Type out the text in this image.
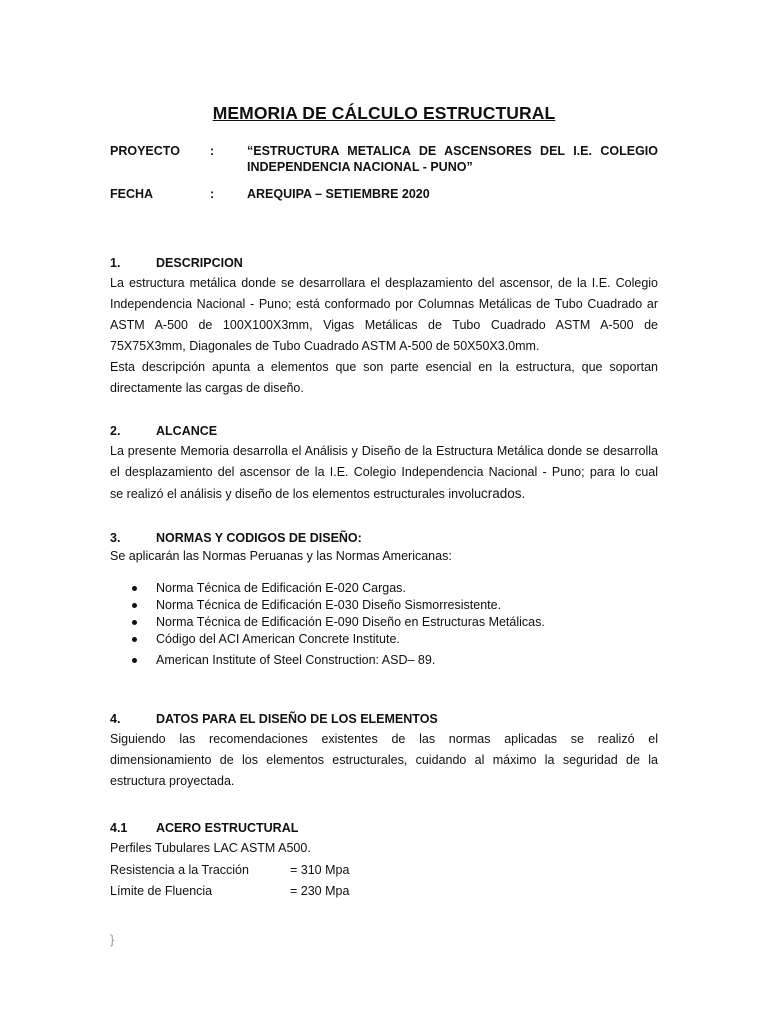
MEMORIA DE CÁLCULO ESTRUCTURAL
PROYECTO :	“ESTRUCTURA METALICA DE ASCENSORES DEL I.E. COLEGIO
INDEPENDENCIA NACIONAL - PUNO”
FECHA	:	AREQUIPA – SETIEMBRE 2020
1.	DESCRIPCION
La estructura metálica donde se desarrollara el desplazamiento del ascensor, de la I.E. Colegio
Independencia Nacional - Puno; está conformado por Columnas Metálicas de Tubo Cuadrado ar
ASTM A-500 de 100X100X3mm, Vigas Metálicas de Tubo Cuadrado ASTM A-500 de
75X75X3mm, Diagonales de Tubo Cuadrado ASTM A-500 de 50X50X3.0mm.
Esta descripción apunta a elementos que son parte esencial en la estructura, que soportan
directamente las cargas de diseño.
2.	ALCANCE
La presente Memoria desarrolla el Análisis y Diseño de la Estructura Metálica donde se desarrolla
el desplazamiento del ascensor de la I.E. Colegio Independencia Nacional - Puno; para lo cual
se realizó el análisis y diseño de los elementos estructurales involucrados.
3.	NORMAS Y CODIGOS DE DISEÑO:
Se aplicarán las Normas Peruanas y las Normas Americanas:
Norma Técnica de Edificación E-020 Cargas.
Norma Técnica de Edificación E-030 Diseño Sismorresistente.
Norma Técnica de Edificación E-090 Diseño en Estructuras Metálicas.
Código del ACI American Concrete Institute.
American Institute of Steel Construction: ASD– 89.
4.	DATOS PARA EL DISEÑO DE LOS ELEMENTOS
Siguiendo las recomendaciones existentes de las normas aplicadas se realizó el
dimensionamiento de los elementos estructurales, cuidando al máximo la seguridad de la
estructura proyectada.
4.1 ACERO ESTRUCTURAL
Perfiles Tubulares LAC ASTM A500.
Resistencia a la Tracción	= 310 Mpa
Límite de Fluencia	= 230 Mpa
}
